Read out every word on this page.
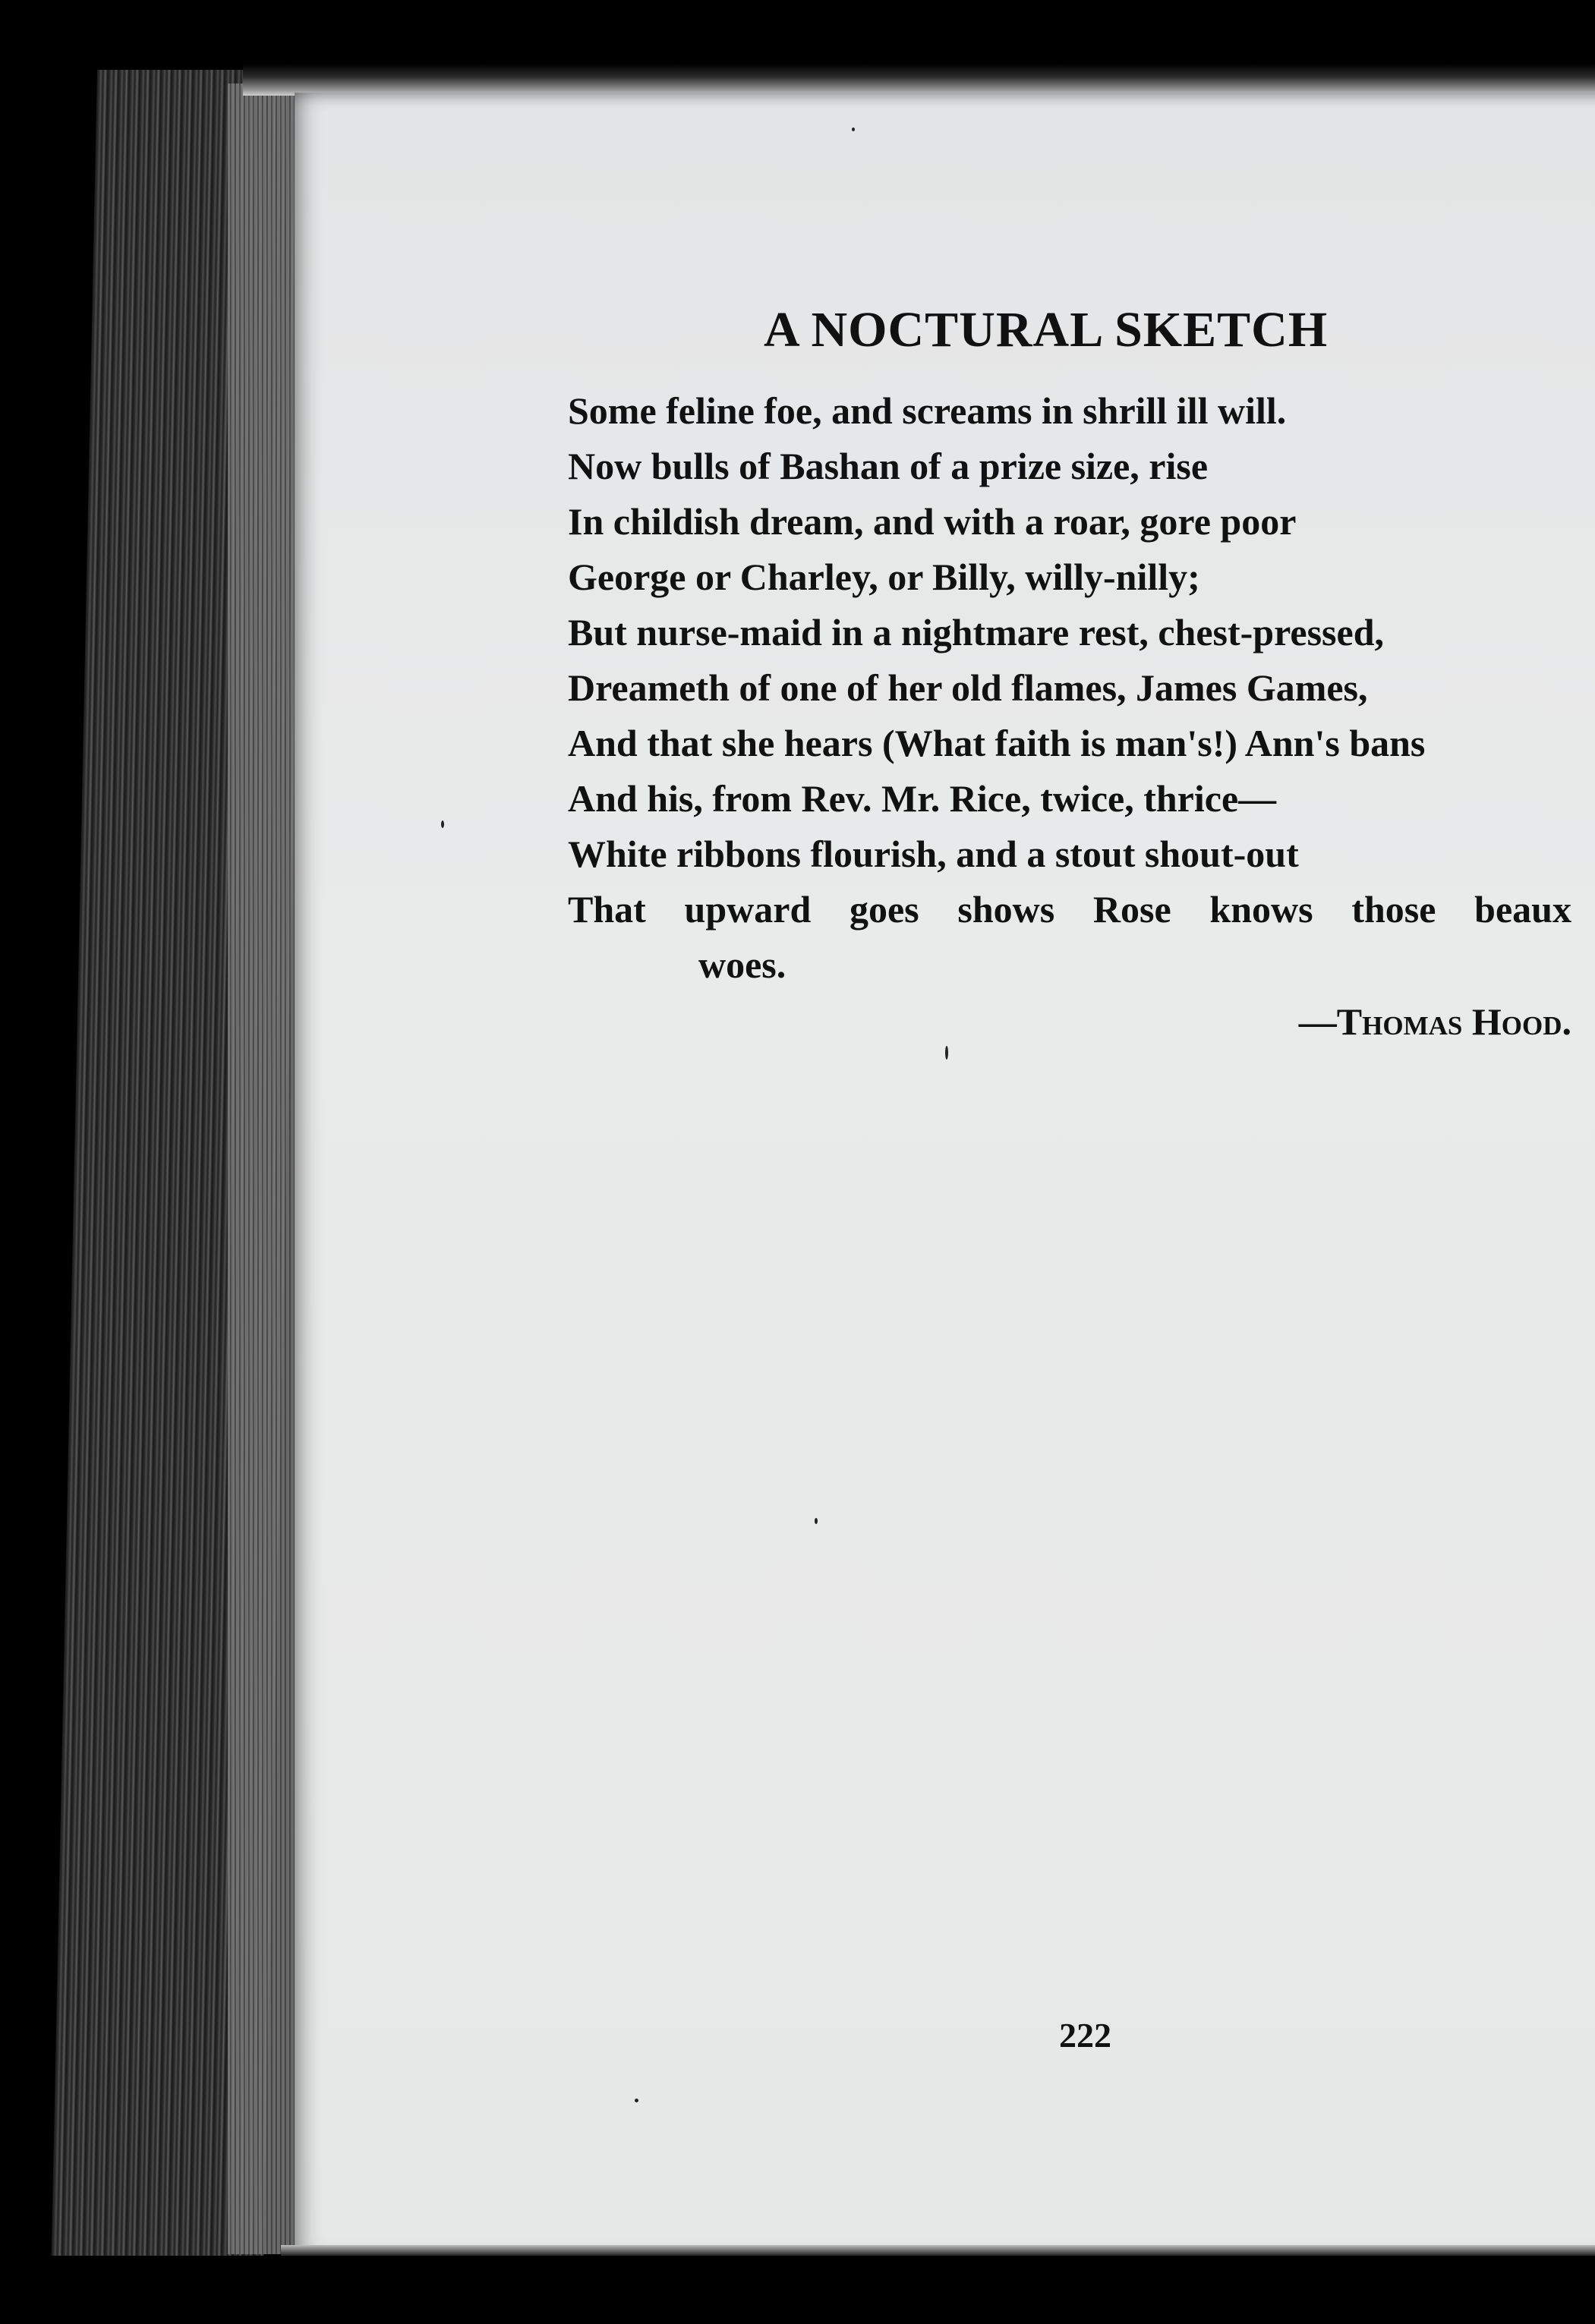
A NOCTURAL SKETCH
Some feline foe, and screams in shrill ill will.
Now bulls of Bashan of a prize size, rise
In childish dream, and with a roar, gore poor
George or Charley, or Billy, willy-nilly;
But nurse-maid in a nightmare rest, chest-pressed,
Dreameth of one of her old flames, James Games,
And that she hears (What faith is man's!) Ann's bans
And his, from Rev. Mr. Rice, twice, thrice—
White ribbons flourish, and a stout shout-out
That upward goes shows Rose knows those beaux
woes.
—Thomas Hood.
222
